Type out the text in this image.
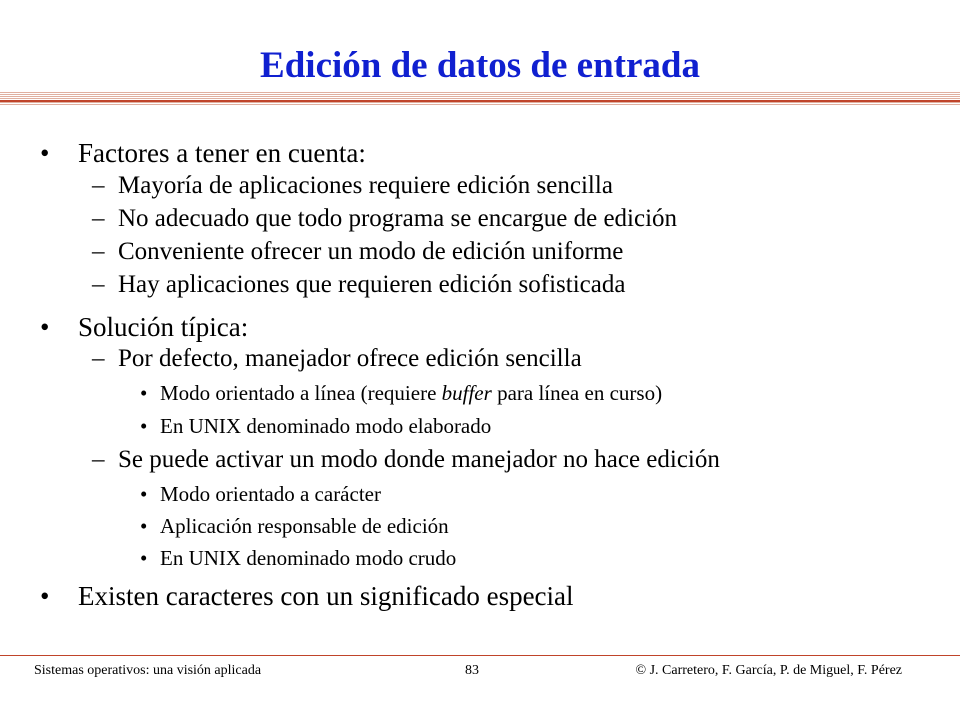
Edición de datos de entrada
• Factores a tener en cuenta:
– Mayoría de aplicaciones requiere edición sencilla
– No adecuado que todo programa se encargue de edición
– Conveniente ofrecer un modo de edición uniforme
– Hay aplicaciones que requieren edición sofisticada
• Solución típica:
– Por defecto, manejador ofrece edición sencilla
• Modo orientado a línea (requiere buffer para línea en curso)
• En UNIX denominado modo elaborado
– Se puede activar un modo donde manejador no hace edición
• Modo orientado a carácter
• Aplicación responsable de edición
• En UNIX denominado modo crudo
• Existen caracteres con un significado especial
Sistemas operativos: una visión aplicada	83	© J. Carretero, F. García, P. de Miguel, F. Pérez
